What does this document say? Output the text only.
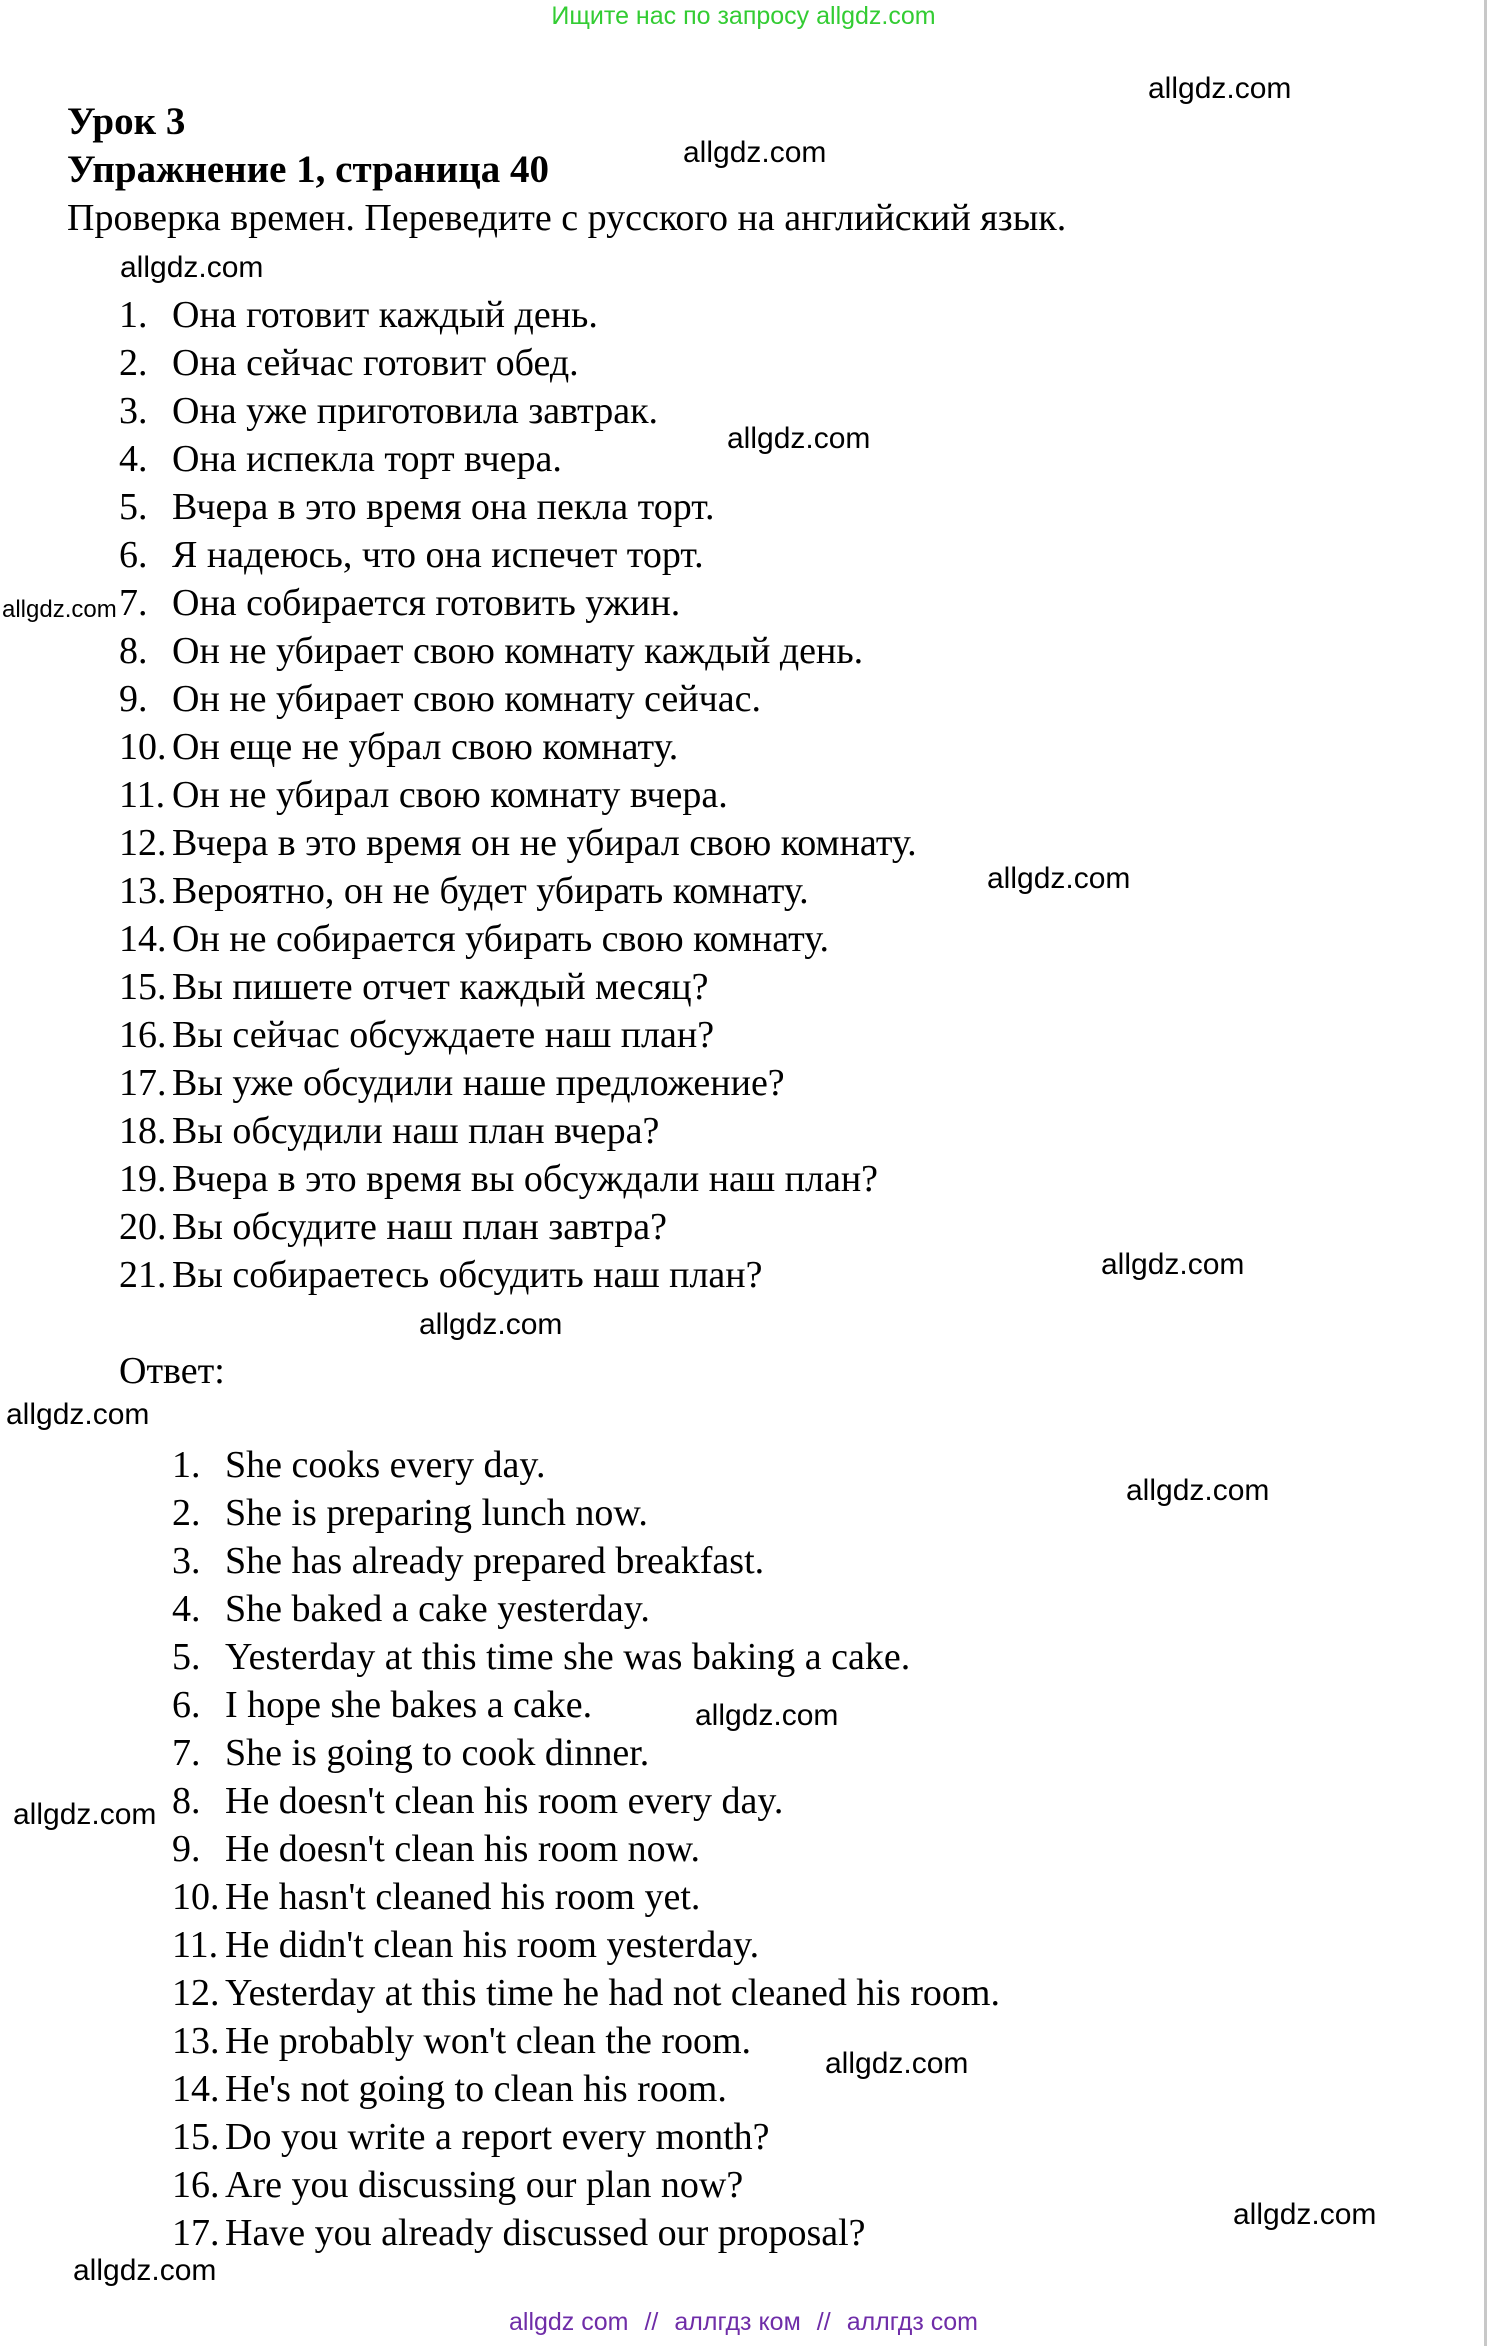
Ищите нас по запросу allgdz.com
Урок 3
Упражнение 1, страница 40
Проверка времен. Переведите с русского на английский язык.
1. Она готовит каждый день.
2. Она сейчас готовит обед.
3. Она уже приготовила завтрак.
4. Она испекла торт вчера.
5. Вчера в это время она пекла торт.
6. Я надеюсь, что она испечет торт.
7. Она собирается готовить ужин.
8. Он не убирает свою комнату каждый день.
9. Он не убирает свою комнату сейчас.
10. Он еще не убрал свою комнату.
11. Он не убирал свою комнату вчера.
12. Вчера в это время он не убирал свою комнату.
13. Вероятно, он не будет убирать комнату.
14. Он не собирается убирать свою комнату.
15. Вы пишете отчет каждый месяц?
16. Вы сейчас обсуждаете наш план?
17. Вы уже обсудили наше предложение?
18. Вы обсудили наш план вчера?
19. Вчера в это время вы обсуждали наш план?
20. Вы обсудите наш план завтра?
21. Вы собираетесь обсудить наш план?
Ответ:
1. She cooks every day.
2. She is preparing lunch now.
3. She has already prepared breakfast.
4. She baked a cake yesterday.
5. Yesterday at this time she was baking a cake.
6. I hope she bakes a cake.
7. She is going to cook dinner.
8. He doesn't clean his room every day.
9. He doesn't clean his room now.
10. He hasn't cleaned his room yet.
11. He didn't clean his room yesterday.
12. Yesterday at this time he had not cleaned his room.
13. He probably won't clean the room.
14. He's not going to clean his room.
15. Do you write a report every month?
16. Are you discussing our plan now?
17. Have you already discussed our proposal?
allgdz.com
allgdz.com
allgdz.com
allgdz.com
allgdz.com
allgdz.com
allgdz.com
allgdz.com
allgdz.com
allgdz.com
allgdz.com
allgdz.com
allgdz.com
allgdz.com
allgdz.com
allgdz com // аллгдз ком // аллгдз com
